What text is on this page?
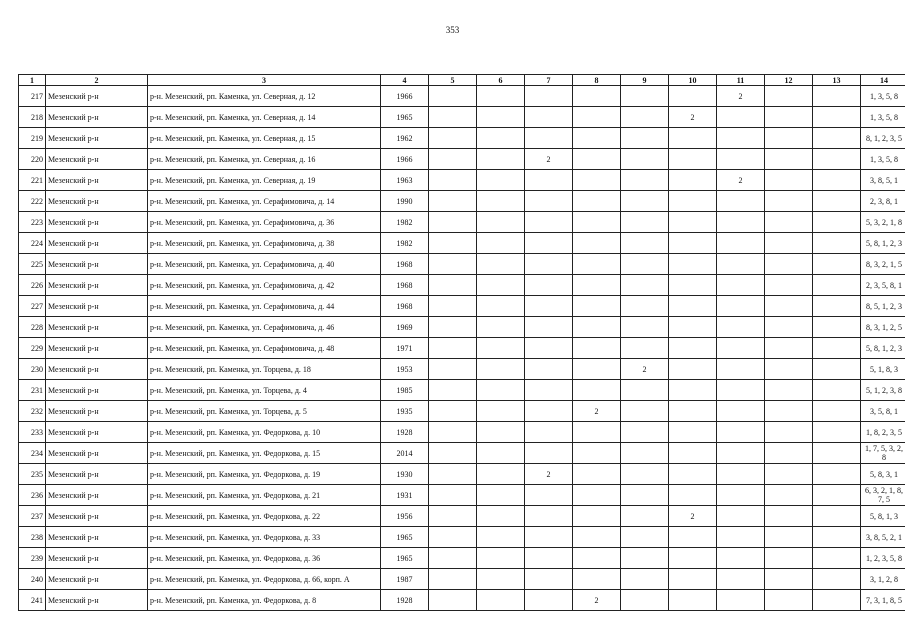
353
1	2	3	4	5	6	7	8	9	10	11	12	13	14
217	Мезенский р-н	р-н. Мезенский, рп. Каменка, ул. Северная, д. 12	1966							2			1, 3, 5, 8
218	Мезенский р-н	р-н. Мезенский, рп. Каменка, ул. Северная, д. 14	1965						2				1, 3, 5, 8
219	Мезенский р-н	р-н. Мезенский, рп. Каменка, ул. Северная, д. 15	1962										8, 1, 2, 3, 5
220	Мезенский р-н	р-н. Мезенский, рп. Каменка, ул. Северная, д. 16	1966			2							1, 3, 5, 8
221	Мезенский р-н	р-н. Мезенский, рп. Каменка, ул. Северная, д. 19	1963							2			3, 8, 5, 1
222	Мезенский р-н	р-н. Мезенский, рп. Каменка, ул. Серафимовича, д. 14	1990										2, 3, 8, 1
223	Мезенский р-н	р-н. Мезенский, рп. Каменка, ул. Серафимовича, д. 36	1982										5, 3, 2, 1, 8
224	Мезенский р-н	р-н. Мезенский, рп. Каменка, ул. Серафимовича, д. 38	1982										5, 8, 1, 2, 3
225	Мезенский р-н	р-н. Мезенский, рп. Каменка, ул. Серафимовича, д. 40	1968										8, 3, 2, 1, 5
226	Мезенский р-н	р-н. Мезенский, рп. Каменка, ул. Серафимовича, д. 42	1968										2, 3, 5, 8, 1
227	Мезенский р-н	р-н. Мезенский, рп. Каменка, ул. Серафимовича, д. 44	1968										8, 5, 1, 2, 3
228	Мезенский р-н	р-н. Мезенский, рп. Каменка, ул. Серафимовича, д. 46	1969										8, 3, 1, 2, 5
229	Мезенский р-н	р-н. Мезенский, рп. Каменка, ул. Серафимовича, д. 48	1971										5, 8, 1, 2, 3
230	Мезенский р-н	р-н. Мезенский, рп. Каменка, ул. Торцева, д. 18	1953					2					5, 1, 8, 3
231	Мезенский р-н	р-н. Мезенский, рп. Каменка, ул. Торцева, д. 4	1985										5, 1, 2, 3, 8
232	Мезенский р-н	р-н. Мезенский, рп. Каменка, ул. Торцева, д. 5	1935				2						3, 5, 8, 1
233	Мезенский р-н	р-н. Мезенский, рп. Каменка, ул. Федоркова, д. 10	1928										1, 8, 2, 3, 5
234	Мезенский р-н	р-н. Мезенский, рп. Каменка, ул. Федоркова, д. 15	2014										1, 7, 5, 3, 2, 8
235	Мезенский р-н	р-н. Мезенский, рп. Каменка, ул. Федоркова, д. 19	1930			2							5, 8, 3, 1
236	Мезенский р-н	р-н. Мезенский, рп. Каменка, ул. Федоркова, д. 21	1931										6, 3, 2, 1, 8, 7, 5
237	Мезенский р-н	р-н. Мезенский, рп. Каменка, ул. Федоркова, д. 22	1956						2				5, 8, 1, 3
238	Мезенский р-н	р-н. Мезенский, рп. Каменка, ул. Федоркова, д. 33	1965										3, 8, 5, 2, 1
239	Мезенский р-н	р-н. Мезенский, рп. Каменка, ул. Федоркова, д. 36	1965										1, 2, 3, 5, 8
240	Мезенский р-н	р-н. Мезенский, рп. Каменка, ул. Федоркова, д. 66, корп. А	1987										3, 1, 2, 8
241	Мезенский р-н	р-н. Мезенский, рп. Каменка, ул. Федоркова, д. 8	1928				2						7, 3, 1, 8, 5
